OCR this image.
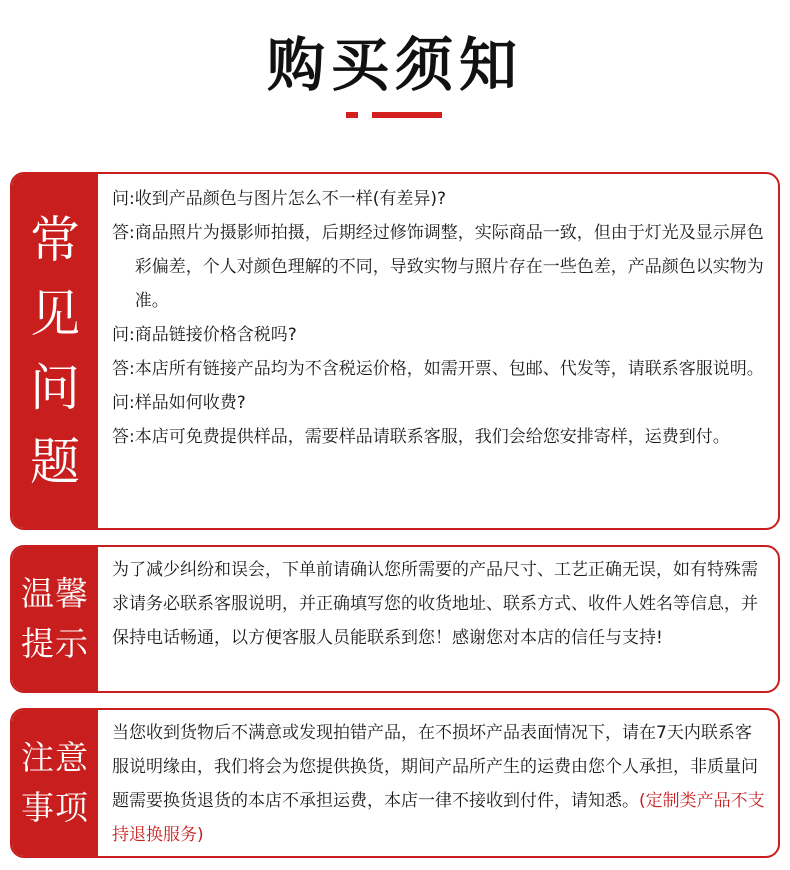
购买须知
常
见
问
题
问: 收到产品颜色与图片怎么不一样(有差异)?
答: 商品照片为摄影师拍摄，后期经过修饰调整，实际商品一致，但由于灯光及显示屏色彩偏差，个人对颜色理解的不同，导致实物与照片存在一些色差，产品颜色以实物为准。
问: 商品链接价格含税吗?
答: 本店所有链接产品均为不含税运价格，如需开票、包邮、代发等，请联系客服说明。
问: 样品如何收费?
答: 本店可免费提供样品，需要样品请联系客服，我们会给您安排寄样，运费到付。
温馨
提示
为了减少纠纷和误会，下单前请确认您所需要的产品尺寸、工艺正确无误，如有特殊需求请务必联系客服说明，并正确填写您的收货地址、联系方式、收件人姓名等信息，并保持电话畅通，以方便客服人员能联系到您！感谢您对本店的信任与支持!
注意
事项
当您收到货物后不满意或发现拍错产品，在不损坏产品表面情况下，请在7天内联系客服说明缘由，我们将会为您提供换货，期间产品所产生的运费由您个人承担，非质量问题需要换货退货的本店不承担运费，本店一律不接收到付件，请知悉。(定制类产品不支持退换服务)
